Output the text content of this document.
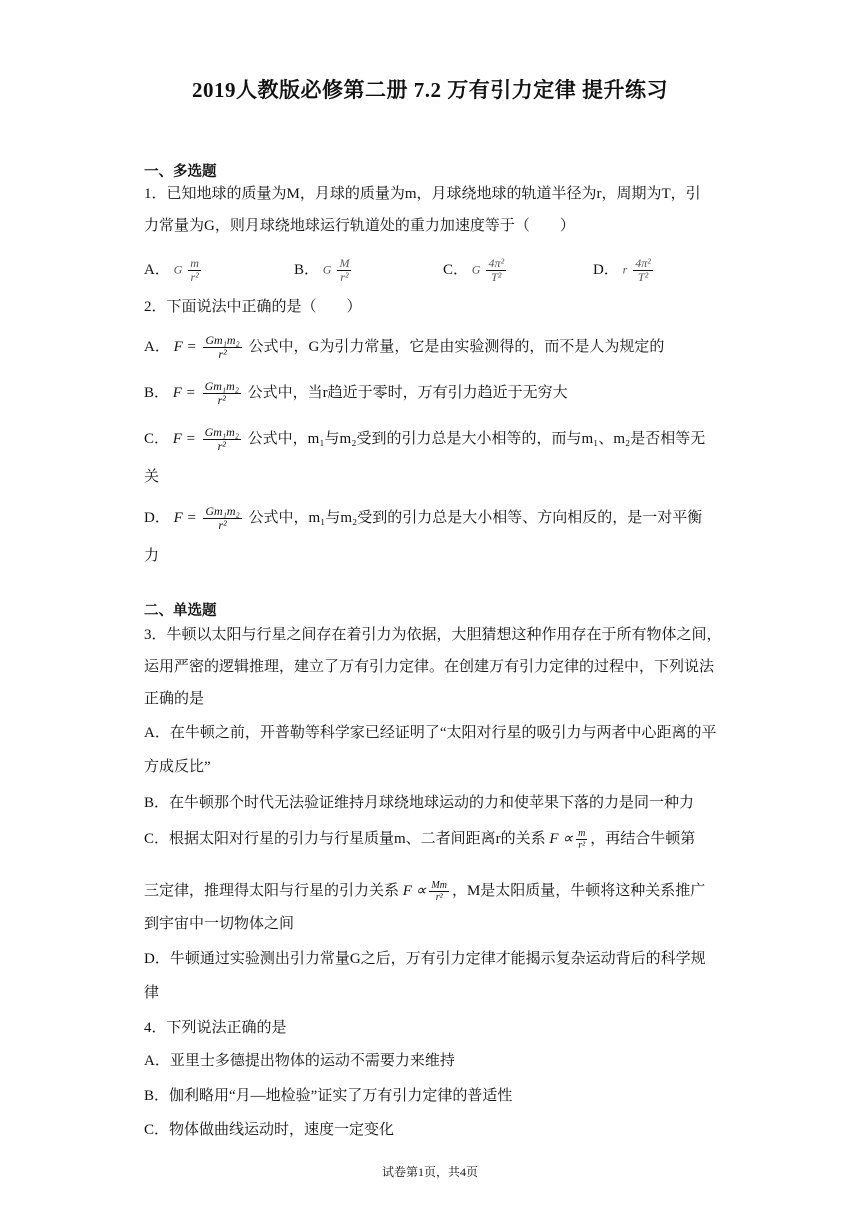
2019人教版必修第二册 7.2 万有引力定律 提升练习
一、多选题
1．已知地球的质量为M，月球的质量为m，月球绕地球的轨道半径为r，周期为T，引
力常量为G，则月球绕地球运行轨道处的重力加速度等于（　　）
A． G $\frac{m}{\text{r²}}$	B． G $\frac{M}{\text{r²}}$	C． G $\frac{\text{4π²}}{\text{T²}}$	D． r $\frac{\text{4π²}}{\text{T²}}$
2．下面说法中正确的是（　　）
A． $F = \frac{\text{Gm₁m₂}}{\text{r²}}$ 公式中，G为引力常量，它是由实验测得的，而不是人为规定的
B． $F = \frac{\text{Gm₁m₂}}{\text{r²}}$ 公式中，当r趋近于零时，万有引力趋近于无穷大
C． $F = \frac{\text{Gm₁m₂}}{\text{r²}}$ 公式中，m₁与m₂受到的引力总是大小相等的，而与m₁、m₂是否相等无
关
D． $F = \frac{\text{Gm₁m₂}}{\text{r²}}$ 公式中，m₁与m₂受到的引力总是大小相等、方向相反的，是一对平衡
力
二、单选题
3．牛顿以太阳与行星之间存在着引力为依据，大胆猜想这种作用存在于所有物体之间，
运用严密的逻辑推理，建立了万有引力定律。在创建万有引力定律的过程中，下列说法
正确的是
A．在牛顿之前，开普勒等科学家已经证明了“太阳对行星的吸引力与两者中心距离的平
方成反比”
B．在牛顿那个时代无法验证维持月球绕地球运动的力和使苹果下落的力是同一种力
C．根据太阳对行星的引力与行星质量m、二者间距离r的关系 $F \propto \frac{m}{\text{r²}}$ ，再结合牛顿第
三定律，推理得太阳与行星的引力关系 $F \propto \frac{Mm}{\text{r²}}$ ，M是太阳质量，牛顿将这种关系推广
到宇宙中一切物体之间
D．牛顿通过实验测出引力常量G之后，万有引力定律才能揭示复杂运动背后的科学规
律
4．下列说法正确的是
A．亚里士多德提出物体的运动不需要力来维持
B．伽利略用“月—地检验”证实了万有引力定律的普适性
C．物体做曲线运动时，速度一定变化
试卷第1页，共4页
